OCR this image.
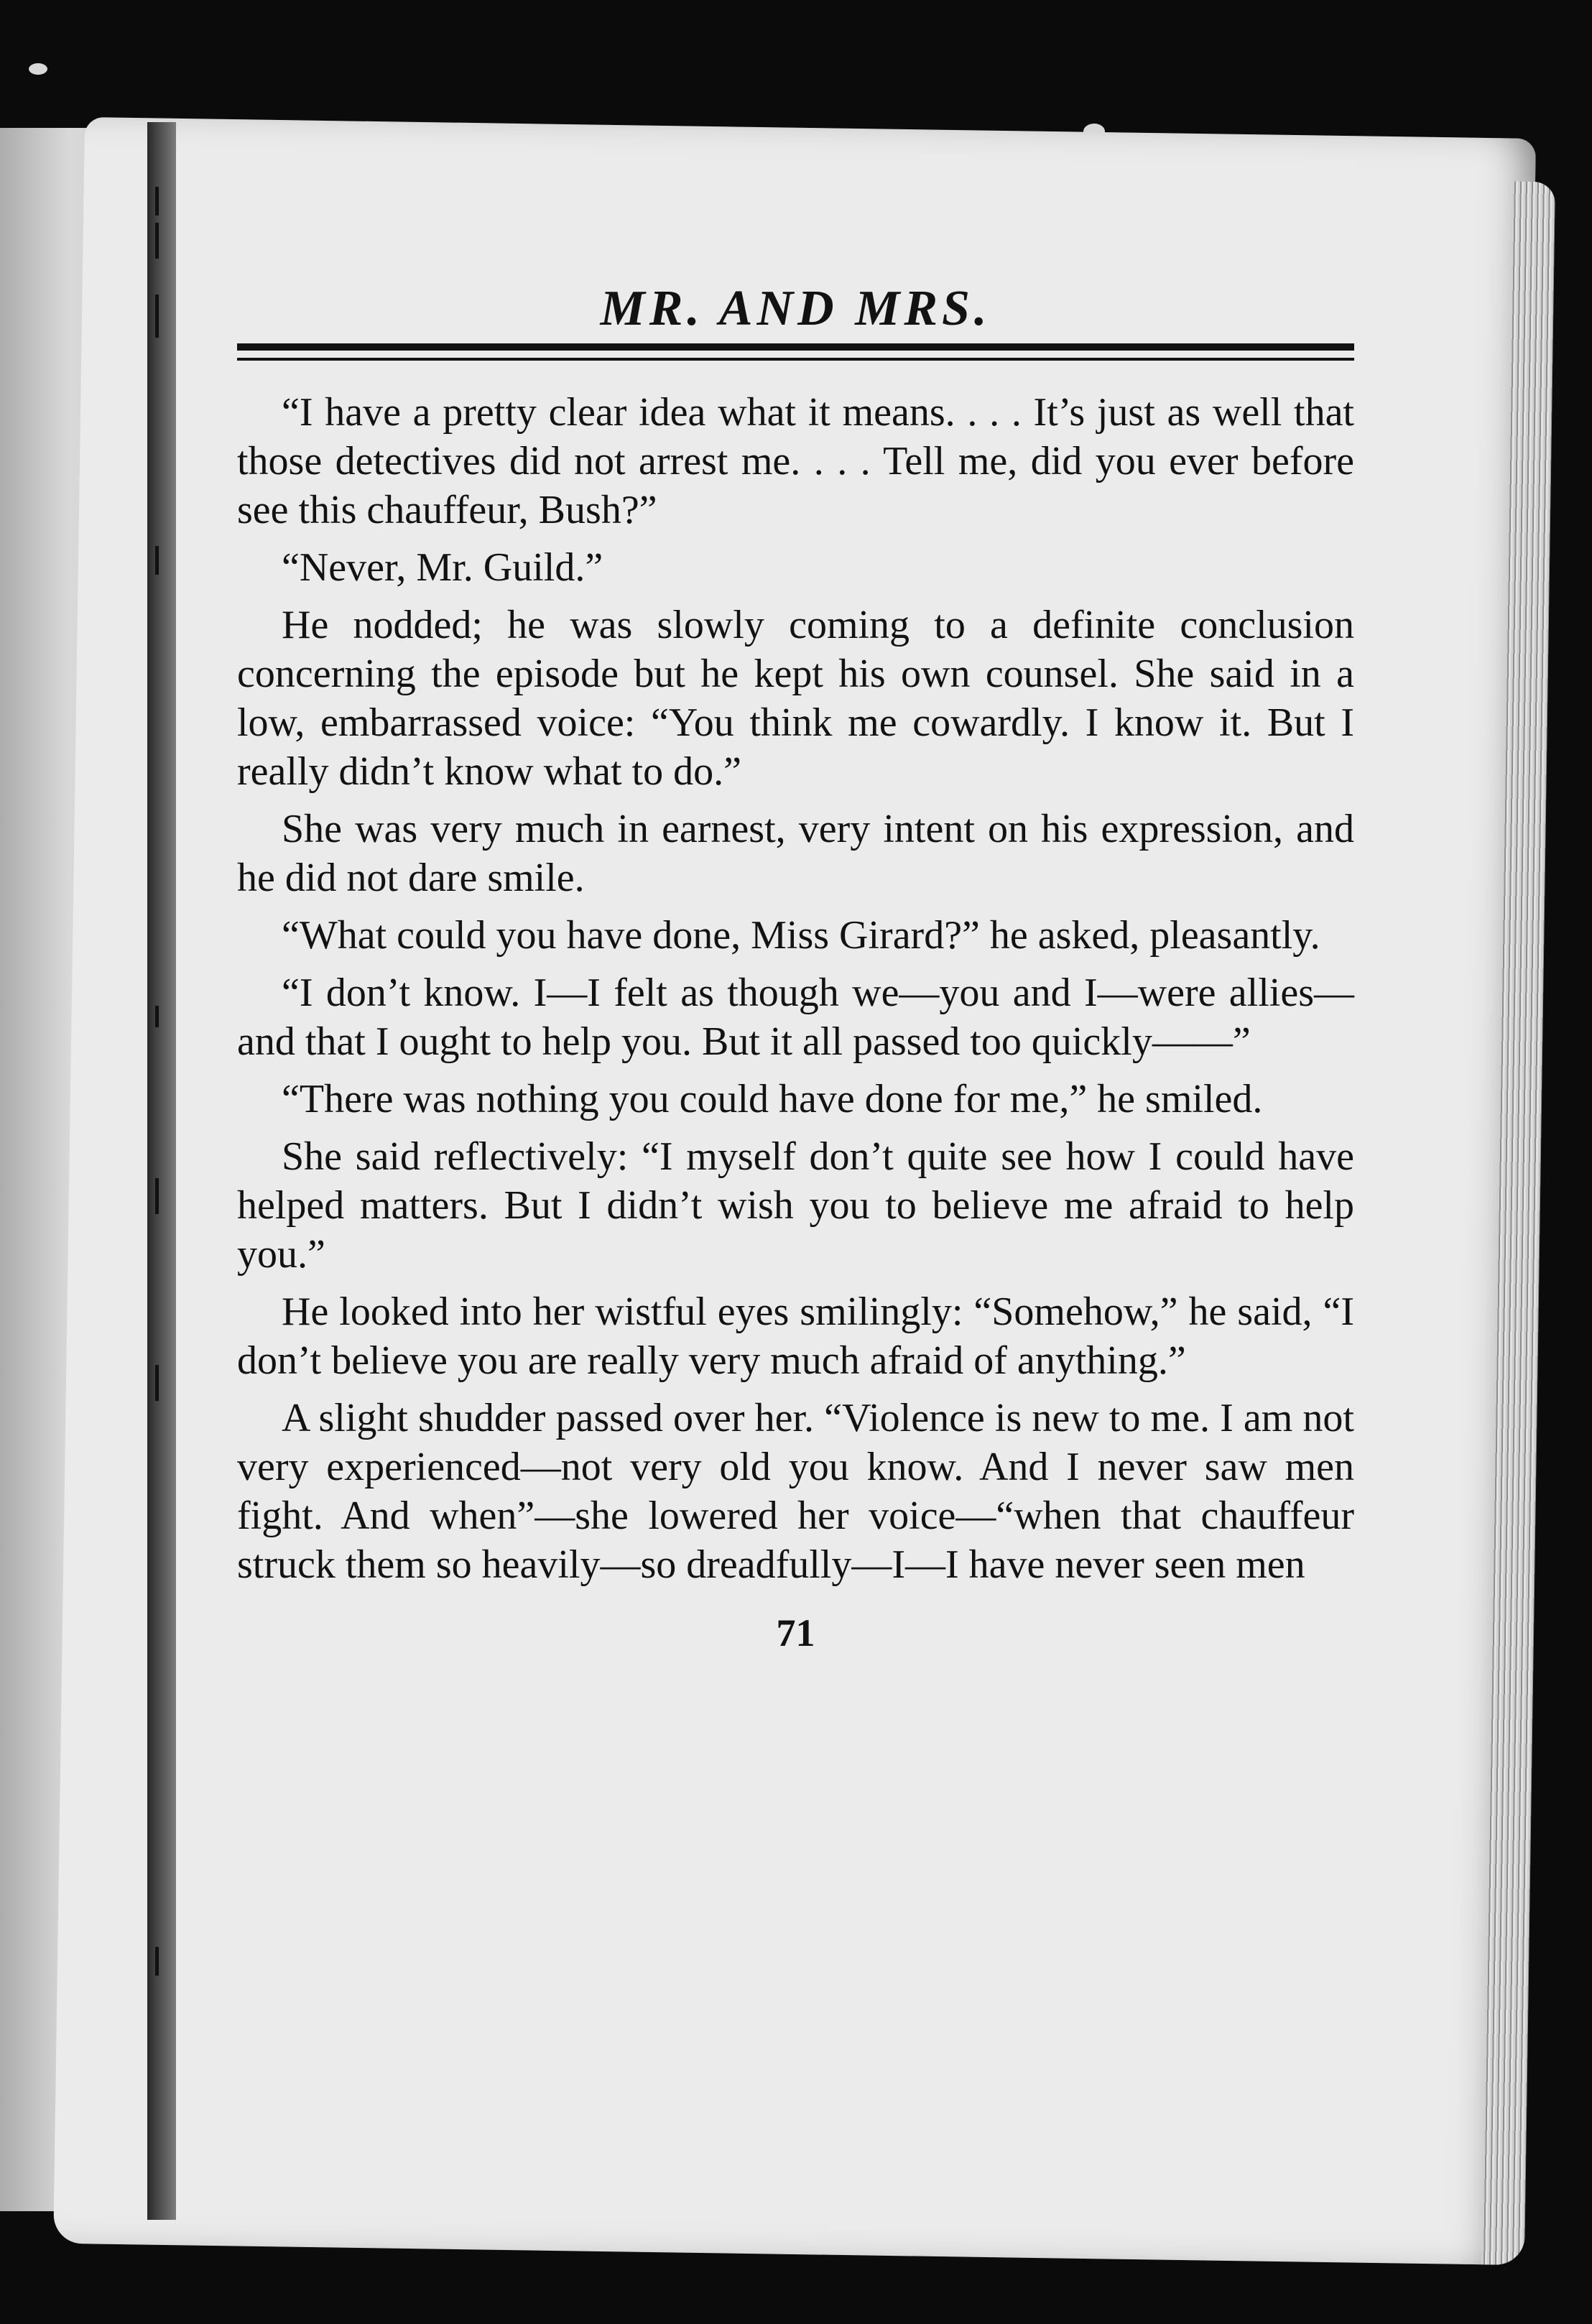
MR. AND MRS.

“I have a pretty clear idea what it means. . . . It’s just as well that those detectives did not arrest me. . . . Tell me, did you ever before see this chauffeur, Bush?”

“Never, Mr. Guild.”

He nodded; he was slowly coming to a definite conclusion concerning the episode but he kept his own counsel. She said in a low, embarrassed voice: “You think me cowardly. I know it. But I really didn’t know what to do.”

She was very much in earnest, very intent on his expression, and he did not dare smile.

“What could you have done, Miss Girard?” he asked, pleasantly.

“I don’t know. I—I felt as though we—you and I—were allies—and that I ought to help you. But it all passed too quickly——”

“There was nothing you could have done for me,” he smiled.

She said reflectively: “I myself don’t quite see how I could have helped matters. But I didn’t wish you to believe me afraid to help you.”

He looked into her wistful eyes smilingly: “Somehow,” he said, “I don’t believe you are really very much afraid of anything.”

A slight shudder passed over her. “Violence is new to me. I am not very experienced—not very old you know. And I never saw men fight. And when”—she lowered her voice—“when that chauffeur struck them so heavily—so dreadfully—I—I have never seen men

71
